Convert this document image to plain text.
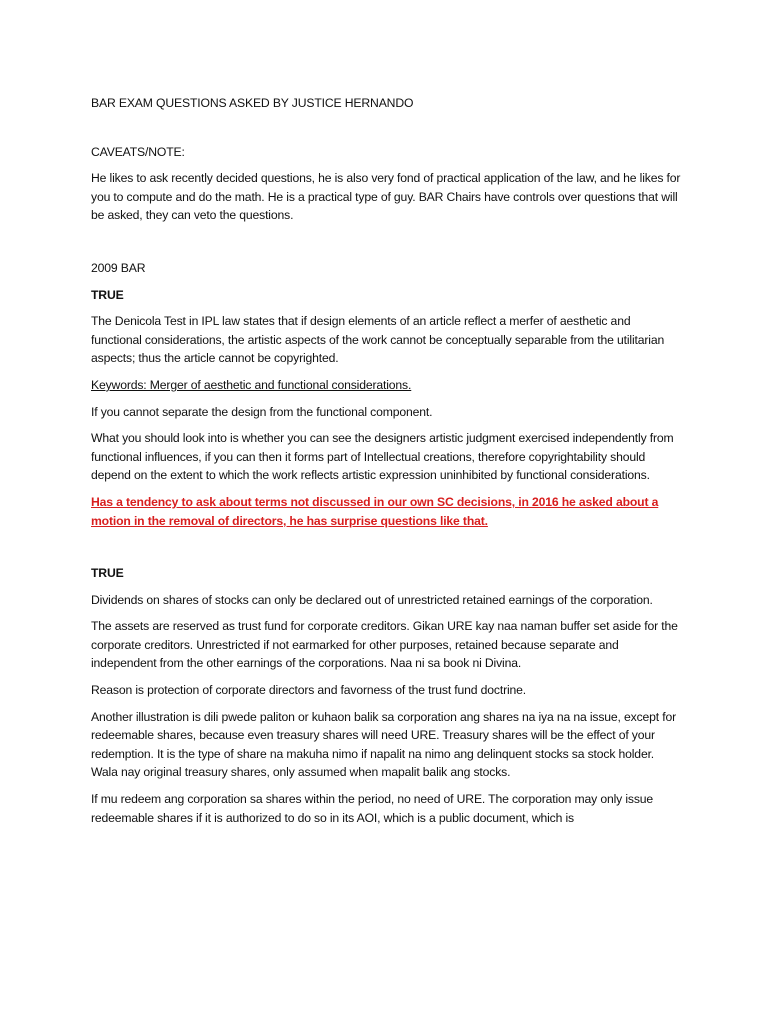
BAR EXAM QUESTIONS ASKED BY JUSTICE HERNANDO

CAVEATS/NOTE:

He likes to ask recently decided questions, he is also very fond of practical application of the law, and he likes for you to compute and do the math. He is a practical type of guy. BAR Chairs have controls over questions that will be asked, they can veto the questions.

2009 BAR

TRUE

The Denicola Test in IPL law states that if design elements of an article reflect a merfer of aesthetic and functional considerations, the artistic aspects of the work cannot be conceptually separable from the utilitarian aspects; thus the article cannot be copyrighted.

Keywords: Merger of aesthetic and functional considerations.

If you cannot separate the design from the functional component.

What you should look into is whether you can see the designers artistic judgment exercised independently from functional influences, if you can then it forms part of Intellectual creations, therefore copyrightability should depend on the extent to which the work reflects artistic expression uninhibited by functional considerations.

Has a tendency to ask about terms not discussed in our own SC decisions, in 2016 he asked about a motion in the removal of directors, he has surprise questions like that.

TRUE

Dividends on shares of stocks can only be declared out of unrestricted retained earnings of the corporation.

The assets are reserved as trust fund for corporate creditors. Gikan URE kay naa naman buffer set aside for the corporate creditors. Unrestricted if not earmarked for other purposes, retained because separate and independent from the other earnings of the corporations. Naa ni sa book ni Divina.

Reason is protection of corporate directors and favorness of the trust fund doctrine.

Another illustration is dili pwede paliton or kuhaon balik sa corporation ang shares na iya na na issue, except for redeemable shares, because even treasury shares will need URE. Treasury shares will be the effect of your redemption. It is the type of share na makuha nimo if napalit na nimo ang delinquent stocks sa stock holder. Wala nay original treasury shares, only assumed when mapalit balik ang stocks.

If mu redeem ang corporation sa shares within the period, no need of URE. The corporation may only issue redeemable shares if it is authorized to do so in its AOI, which is a public document, which is
